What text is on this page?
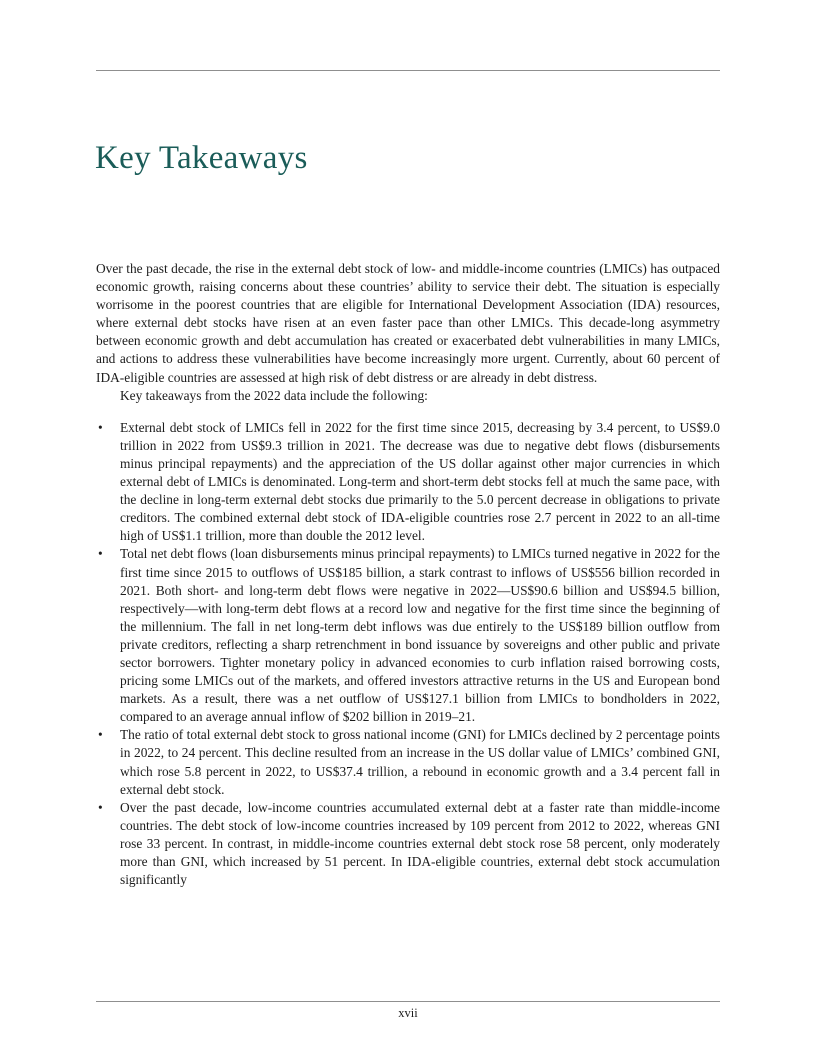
Key Takeaways

Over the past decade, the rise in the external debt stock of low- and middle-income countries (LMICs) has outpaced economic growth, raising concerns about these countries’ ability to service their debt. The situation is especially worrisome in the poorest countries that are eligible for International Development Association (IDA) resources, where external debt stocks have risen at an even faster pace than other LMICs. This decade-long asymmetry between economic growth and debt accumulation has created or exacerbated debt vulnerabilities in many LMICs, and actions to address these vulnerabilities have become increasingly more urgent. Currently, about 60 percent of IDA-eligible countries are assessed at high risk of debt distress or are already in debt distress.

Key takeaways from the 2022 data include the following:

• External debt stock of LMICs fell in 2022 for the first time since 2015, decreasing by 3.4 percent, to US$9.0 trillion in 2022 from US$9.3 trillion in 2021. The decrease was due to negative debt flows (disbursements minus principal repayments) and the appreciation of the US dollar against other major currencies in which external debt of LMICs is denominated. Long-term and short-term debt stocks fell at much the same pace, with the decline in long-term external debt stocks due primarily to the 5.0 percent decrease in obligations to private creditors. The combined external debt stock of IDA-eligible countries rose 2.7 percent in 2022 to an all-time high of US$1.1 trillion, more than double the 2012 level.
• Total net debt flows (loan disbursements minus principal repayments) to LMICs turned negative in 2022 for the first time since 2015 to outflows of US$185 billion, a stark contrast to inflows of US$556 billion recorded in 2021. Both short- and long-term debt flows were negative in 2022—US$90.6 billion and US$94.5 billion, respectively—with long-term debt flows at a record low and negative for the first time since the beginning of the millennium. The fall in net long-term debt inflows was due entirely to the US$189 billion outflow from private creditors, reflecting a sharp retrenchment in bond issuance by sovereigns and other public and private sector borrowers. Tighter monetary policy in advanced economies to curb inflation raised borrowing costs, pricing some LMICs out of the markets, and offered investors attractive returns in the US and European bond markets. As a result, there was a net outflow of US$127.1 billion from LMICs to bondholders in 2022, compared to an average annual inflow of $202 billion in 2019–21.
• The ratio of total external debt stock to gross national income (GNI) for LMICs declined by 2 percentage points in 2022, to 24 percent. This decline resulted from an increase in the US dollar value of LMICs’ combined GNI, which rose 5.8 percent in 2022, to US$37.4 trillion, a rebound in economic growth and a 3.4 percent fall in external debt stock.
• Over the past decade, low-income countries accumulated external debt at a faster rate than middle-income countries. The debt stock of low-income countries increased by 109 percent from 2012 to 2022, whereas GNI rose 33 percent. In contrast, in middle-income countries external debt stock rose 58 percent, only moderately more than GNI, which increased by 51 percent. In IDA-eligible countries, external debt stock accumulation significantly
xvii
